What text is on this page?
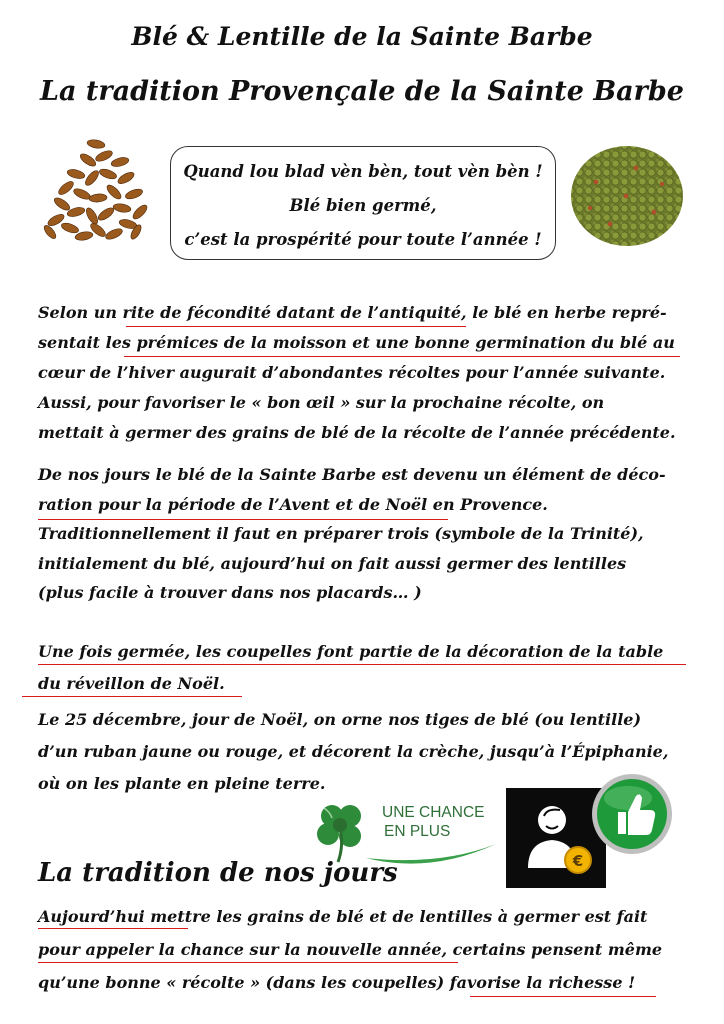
Blé & Lentille de la Sainte Barbe
La tradition Provençale de la Sainte Barbe
Quand lou blad vèn bèn, tout vèn bèn !
Blé bien germé,
c’est la prospérité pour toute l’année !
Selon un rite de fécondité datant de l’antiquité, le blé en herbe repré-
sentait les prémices de la moisson et une bonne germination du blé au
cœur de l’hiver augurait d’abondantes récoltes pour l’année suivante.
Aussi, pour favoriser le « bon œil » sur la prochaine récolte, on
mettait à germer des grains de blé de la récolte de l’année précédente.
De nos jours le blé de la Sainte Barbe est devenu un élément de déco-
ration pour la période de l’Avent et de Noël en Provence.
Traditionnellement il faut en préparer trois (symbole de la Trinité),
initialement du blé, aujourd’hui on fait aussi germer des lentilles
(plus facile à trouver dans nos placards… )
Une fois germée, les coupelles font partie de la décoration de la table
du réveillon de Noël.
Le 25 décembre, jour de Noël, on orne nos tiges de blé (ou lentille)
d’un ruban jaune ou rouge, et décorent la crèche, jusqu’à l’Épiphanie,
où on les plante en pleine terre.
UNE CHANCE
EN PLUS
€
La tradition de nos jours
Aujourd’hui mettre les grains de blé et de lentilles à germer est fait
pour appeler la chance sur la nouvelle année, certains pensent même
qu’une bonne « récolte » (dans les coupelles) favorise la richesse !
